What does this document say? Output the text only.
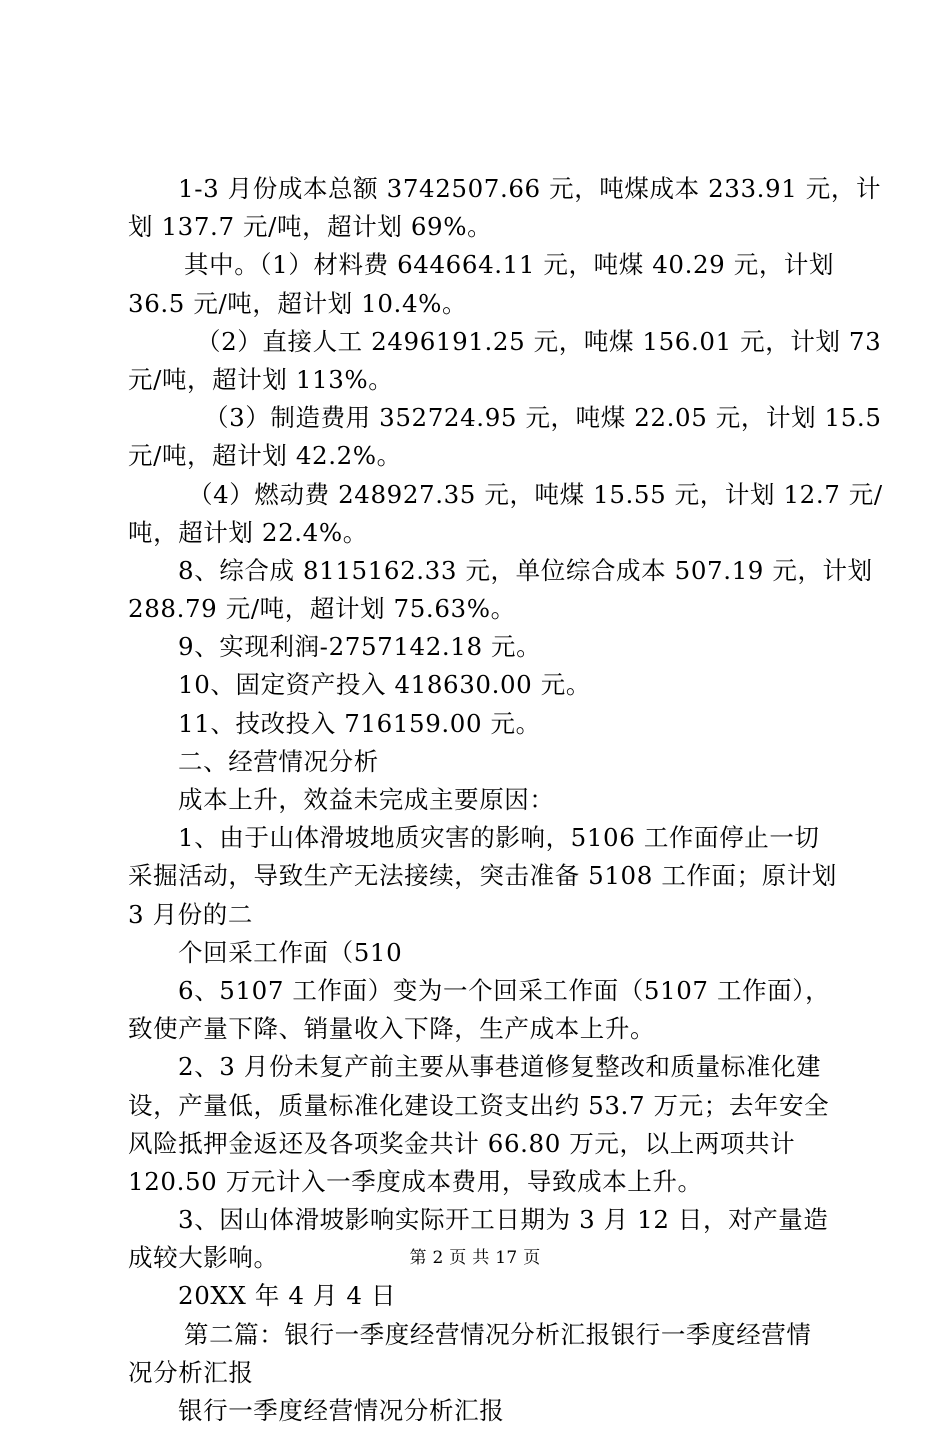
1-3 月份成本总额 3742507.66 元，吨煤成本 233.91 元，计
划 137.7 元/吨，超计划 69%。
其中。（1）材料费 644664.11 元，吨煤 40.29 元，计划
36.5 元/吨，超计划 10.4%。
（2）直接人工 2496191.25 元，吨煤 156.01 元，计划 73
元/吨，超计划 113%。
（3）制造费用 352724.95 元，吨煤 22.05 元，计划 15.5
元/吨，超计划 42.2%。
（4）燃动费 248927.35 元，吨煤 15.55 元，计划 12.7 元/
吨，超计划 22.4%。
8、综合成 8115162.33 元，单位综合成本 507.19 元，计划
288.79 元/吨，超计划 75.63%。
9、实现利润-2757142.18 元。
10、固定资产投入 418630.00 元。
11、技改投入 716159.00 元。
二、经营情况分析
成本上升，效益未完成主要原因：
1、由于山体滑坡地质灾害的影响，5106 工作面停止一切
采掘活动，导致生产无法接续，突击准备 5108 工作面；原计划
3 月份的二
个回采工作面（510
6、5107 工作面）变为一个回采工作面（5107 工作面），
致使产量下降、销量收入下降，生产成本上升。
2、3 月份未复产前主要从事巷道修复整改和质量标准化建
设，产量低，质量标准化建设工资支出约 53.7 万元；去年安全
风险抵押金返还及各项奖金共计 66.80 万元，以上两项共计
120.50 万元计入一季度成本费用，导致成本上升。
3、因山体滑坡影响实际开工日期为 3 月 12 日，对产量造
成较大影响。
20XX 年 4 月 4 日
第二篇：银行一季度经营情况分析汇报银行一季度经营情
况分析汇报
银行一季度经营情况分析汇报
第 2 页 共 17 页
